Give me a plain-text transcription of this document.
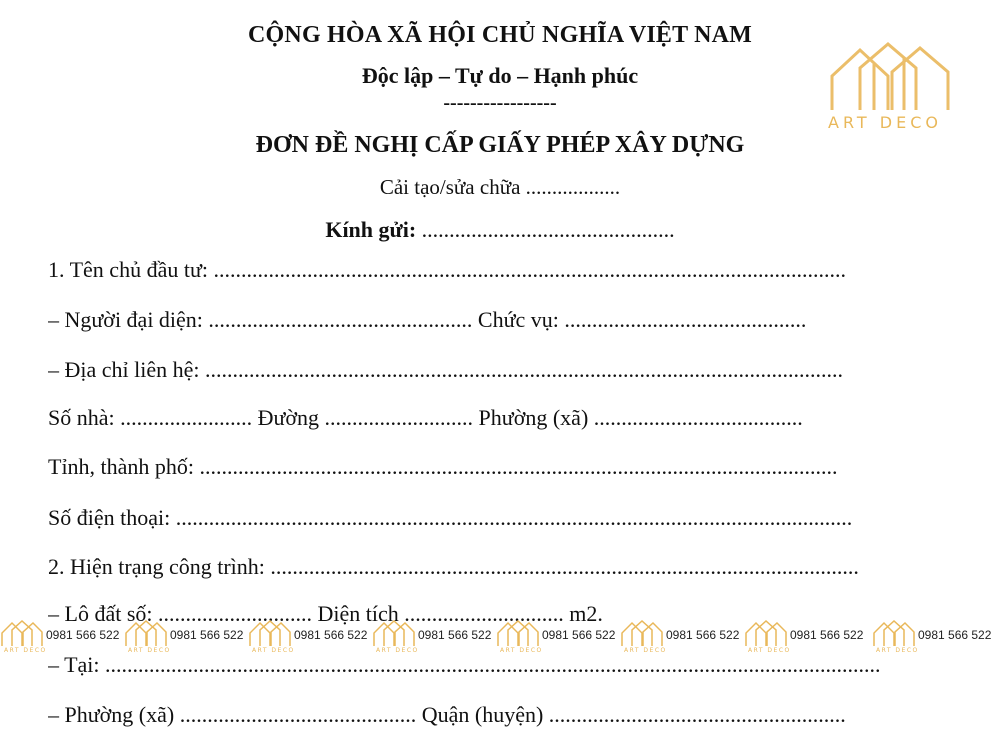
CỘNG HÒA XÃ HỘI CHỦ NGHĨA VIỆT NAM
Độc lập – Tự do – Hạnh phúc
-----------------
ĐƠN ĐỀ NGHỊ CẤP GIẤY PHÉP XÂY DỰNG
Cải tạo/sửa chữa ..................
Kính gửi: ..............................................
1. Tên chủ đầu tư: ...................................................................................................................
– Người đại diện: ................................................ Chức vụ: ............................................
– Địa chỉ liên hệ: ....................................................................................................................
Số nhà: ........................ Đường ........................... Phường (xã) ......................................
Tỉnh, thành phố: ....................................................................................................................
Số điện thoại: ...........................................................................................................................
2. Hiện trạng công trình: ...........................................................................................................
– Lô đất số: ............................ Diện tích ............................. m2.
– Tại: .............................................................................................................................................
– Phường (xã) ........................................... Quận (huyện) ......................................................
ART DECO
ART DECO
0981 566 522
ART DECO
0981 566 522
ART DECO
0981 566 522
ART DECO
0981 566 522
ART DECO
0981 566 522
ART DECO
0981 566 522
ART DECO
0981 566 522
ART DECO
0981 566 522
